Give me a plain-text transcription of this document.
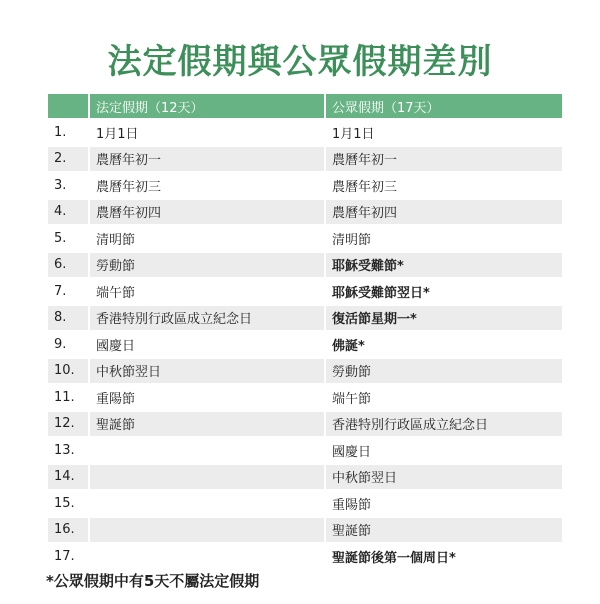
法定假期與公眾假期差別
	法定假期（12天）	公眾假期（17天）
1.	1月1日	1月1日
2.	農曆年初一	農曆年初一
3.	農曆年初三	農曆年初三
4.	農曆年初四	農曆年初四
5.	清明節	清明節
6.	勞動節	耶穌受難節*
7.	端午節	耶穌受難節翌日*
8.	香港特別行政區成立紀念日	復活節星期一*
9.	國慶日	佛誕*
10.	中秋節翌日	勞動節
11.	重陽節	端午節
12.	聖誕節	香港特別行政區成立紀念日
13.		國慶日
14.		中秋節翌日
15.		重陽節
16.		聖誕節
17.		聖誕節後第一個周日*
*公眾假期中有5天不屬法定假期
